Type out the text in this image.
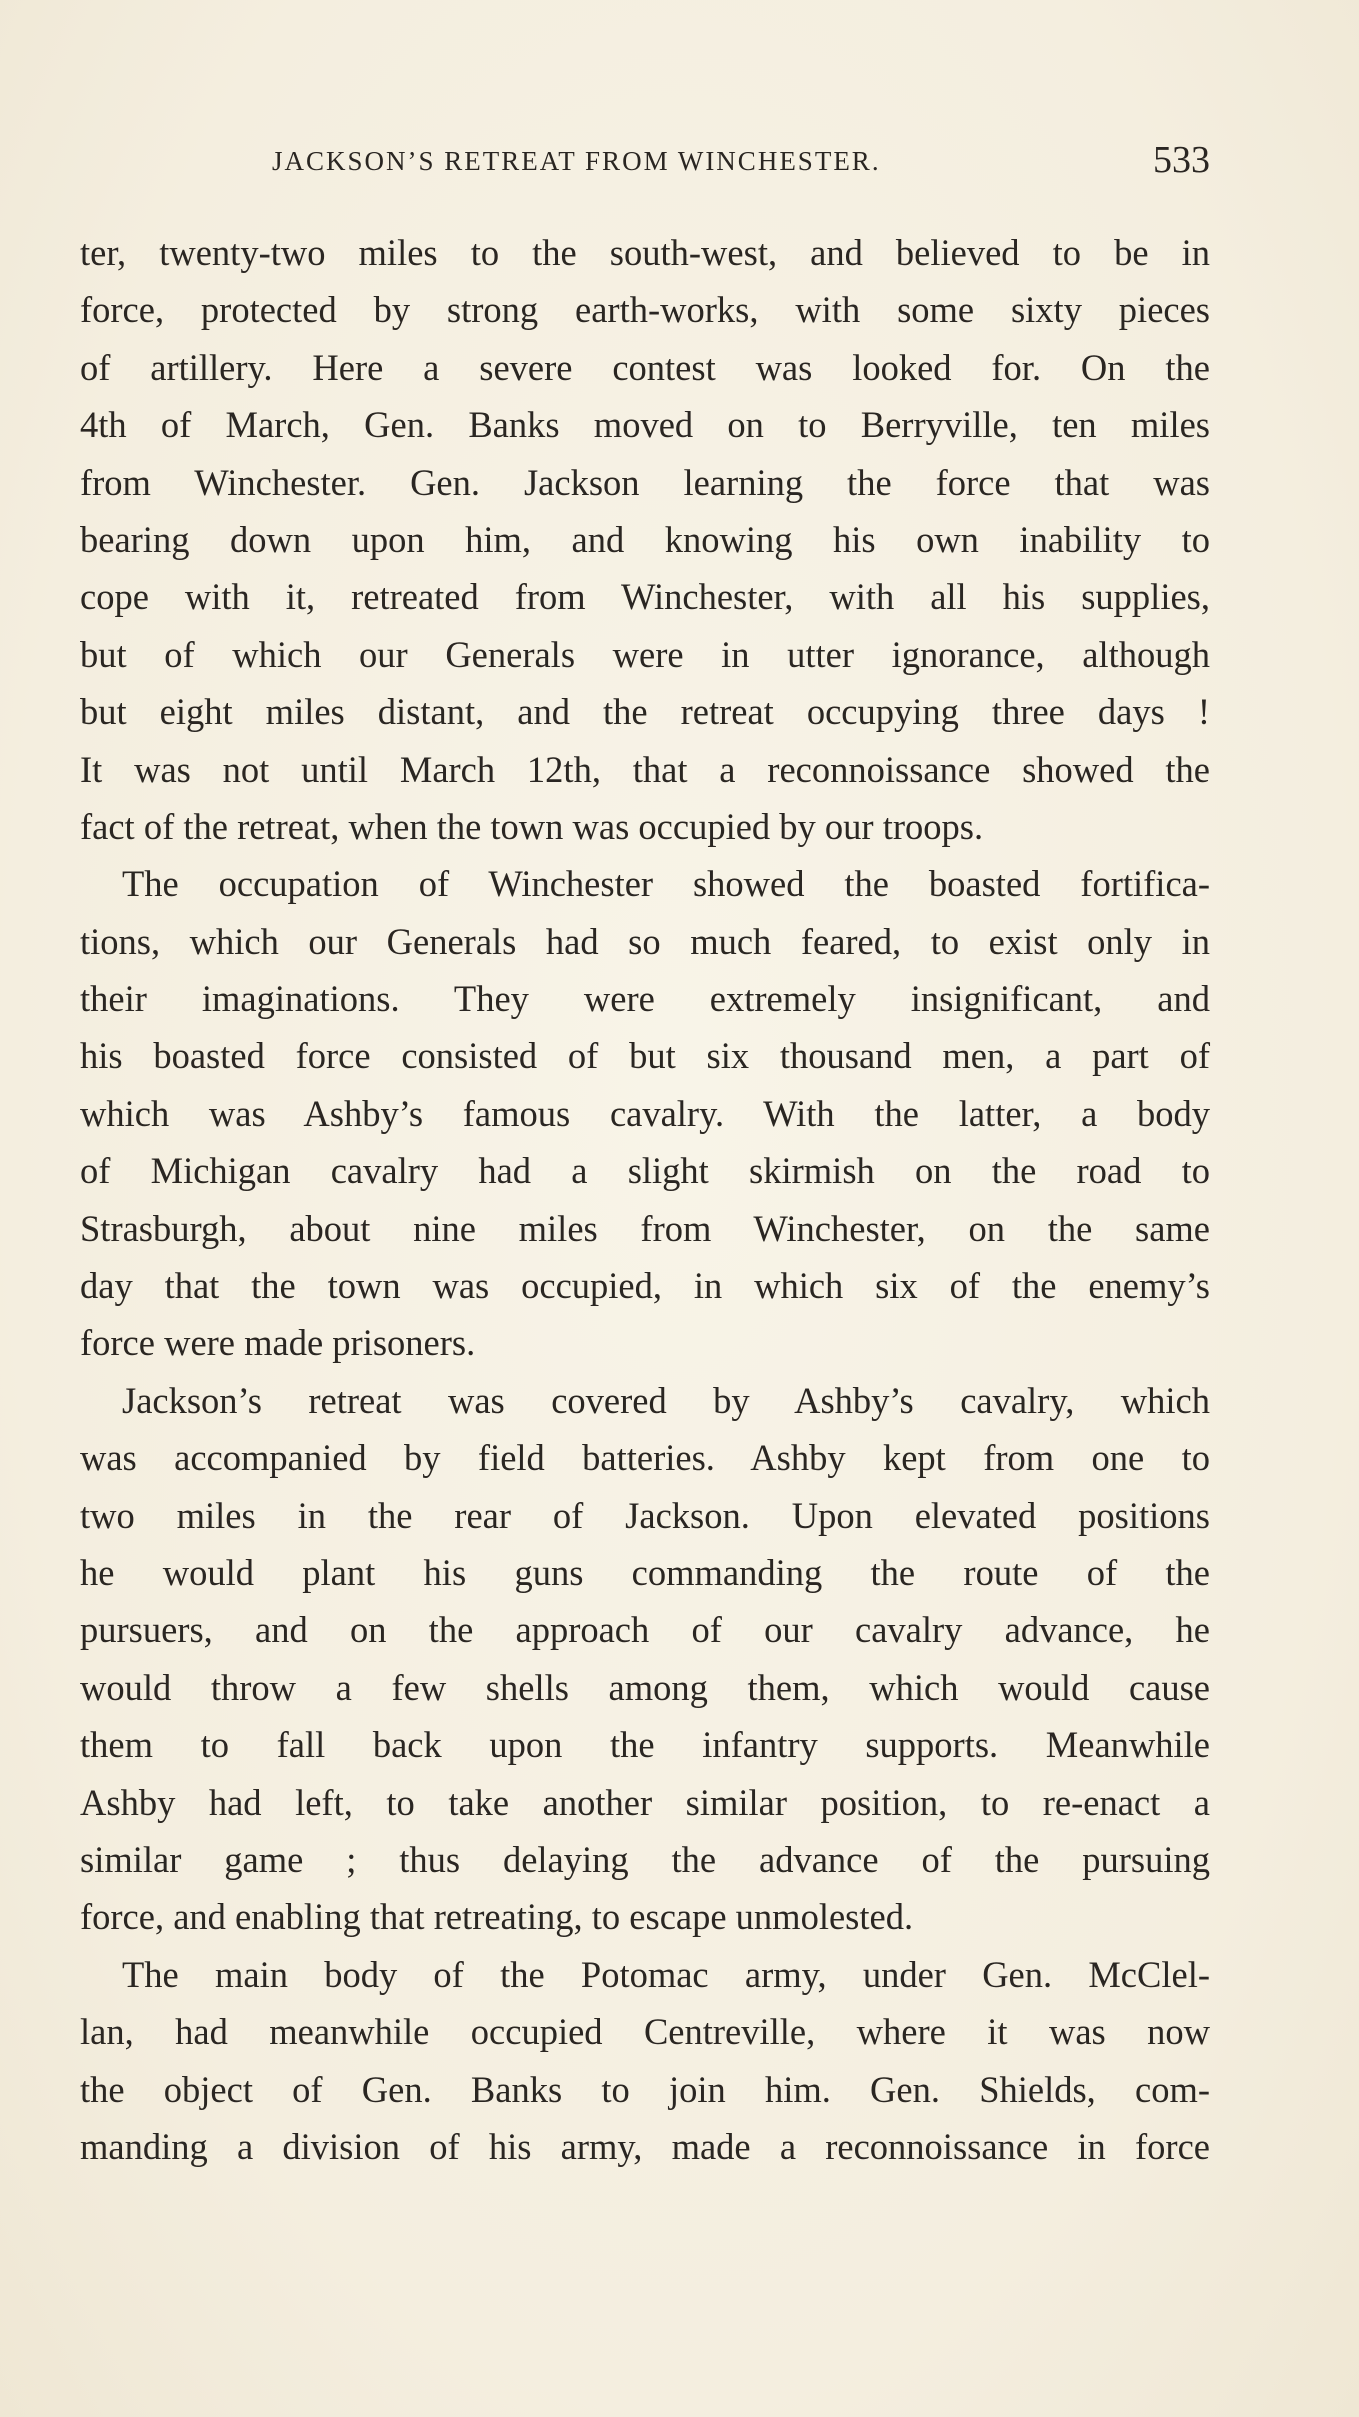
JACKSON’S RETREAT FROM WINCHESTER.	533
ter, twenty-two miles to the south-west, and believed to be in
force, protected by strong earth-works, with some sixty pieces
of artillery. Here a severe contest was looked for. On the
4th of March, Gen. Banks moved on to Berryville, ten miles
from Winchester. Gen. Jackson learning the force that was
bearing down upon him, and knowing his own inability to
cope with it, retreated from Winchester, with all his supplies,
but of which our Generals were in utter ignorance, although
but eight miles distant, and the retreat occupying three days !
It was not until March 12th, that a reconnoissance showed the
fact of the retreat, when the town was occupied by our troops.
The occupation of Winchester showed the boasted fortifica-
tions, which our Generals had so much feared, to exist only in
their imaginations. They were extremely insignificant, and
his boasted force consisted of but six thousand men, a part of
which was Ashby’s famous cavalry. With the latter, a body
of Michigan cavalry had a slight skirmish on the road to
Strasburgh, about nine miles from Winchester, on the same
day that the town was occupied, in which six of the enemy’s
force were made prisoners.
Jackson’s retreat was covered by Ashby’s cavalry, which
was accompanied by field batteries. Ashby kept from one to
two miles in the rear of Jackson. Upon elevated positions
he would plant his guns commanding the route of the
pursuers, and on the approach of our cavalry advance, he
would throw a few shells among them, which would cause
them to fall back upon the infantry supports. Meanwhile
Ashby had left, to take another similar position, to re-enact a
similar game ; thus delaying the advance of the pursuing
force, and enabling that retreating, to escape unmolested.
The main body of the Potomac army, under Gen. McClel-
lan, had meanwhile occupied Centreville, where it was now
the object of Gen. Banks to join him. Gen. Shields, com-
manding a division of his army, made a reconnoissance in force
